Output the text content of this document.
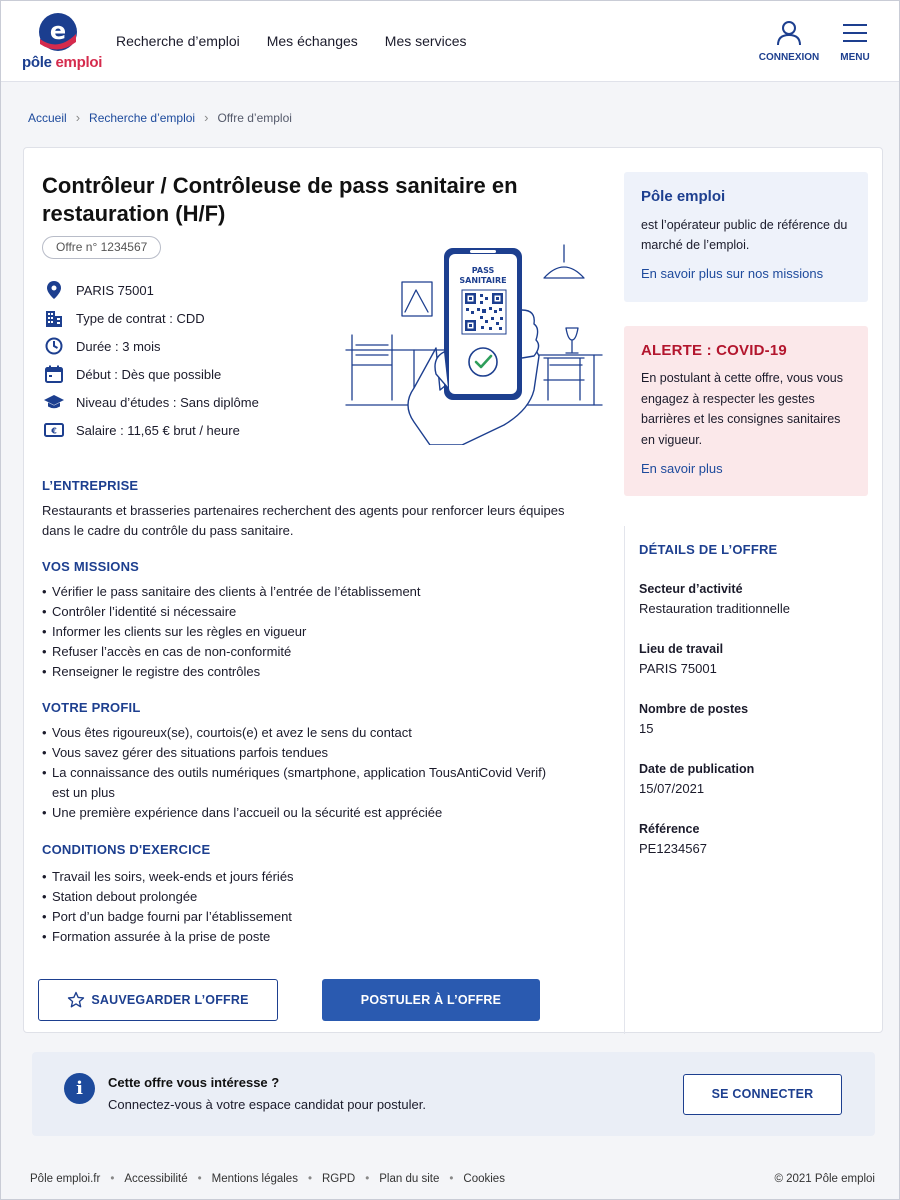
e
pôle emploi
Recherche d’emploi Mes échanges Mes services
CONNEXION	MENU
Accueil › Recherche d’emploi › Offre d’emploi
Contrôleur / Contrôleuse de pass sanitaire en restauration (H/F)
Offre n° 1234567
PARIS 75001
Type de contrat : CDD
Durée : 3 mois
Début : Dès que possible
Niveau d’études : Sans diplôme
€ Salaire : 11,65 € brut / heure
PASS
SANITAIRE
L’ENTREPRISE
Restaurants et brasseries partenaires recherchent des agents pour renforcer leurs équipes dans le cadre du contrôle du pass sanitaire.
VOS MISSIONS
• Vérifier le pass sanitaire des clients à l’entrée de l’établissement
• Contrôler l’identité si nécessaire
• Informer les clients sur les règles en vigueur
• Refuser l’accès en cas de non-conformité
• Renseigner le registre des contrôles
VOTRE PROFIL
• Vous êtes rigoureux(se), courtois(e) et avez le sens du contact
• Vous savez gérer des situations parfois tendues
• La connaissance des outils numériques (smartphone, application TousAntiCovid Verif) est un plus
• Une première expérience dans l’accueil ou la sécurité est appréciée
CONDITIONS D'EXERCICE
• Travail les soirs, week-ends et jours fériés
• Station debout prolongée
• Port d’un badge fourni par l’établissement
• Formation assurée à la prise de poste
SAUVEGARDER L’OFFRE	POSTULER À L’OFFRE
Pôle emploi

est l’opérateur public de référence du marché de l’emploi.

En savoir plus sur nos missions
ALERTE : COVID-19

En postulant à cette offre, vous vous engagez à respecter les gestes barrières et les consignes sanitaires en vigueur.

En savoir plus
DÉTAILS DE L’OFFRE
Secteur d’activité
Restauration traditionnelle
Lieu de travail
PARIS 75001
Nombre de postes
15
Date de publication
15/07/2021
Référence
PE1234567
i	Cette offre vous intéresse ?
Connectez-vous à votre espace candidat pour postuler.
SE CONNECTER
Pôle emploi.fr • Accessibilité • Mentions légales • RGPD • Plan du site • Cookies	© 2021 Pôle emploi
